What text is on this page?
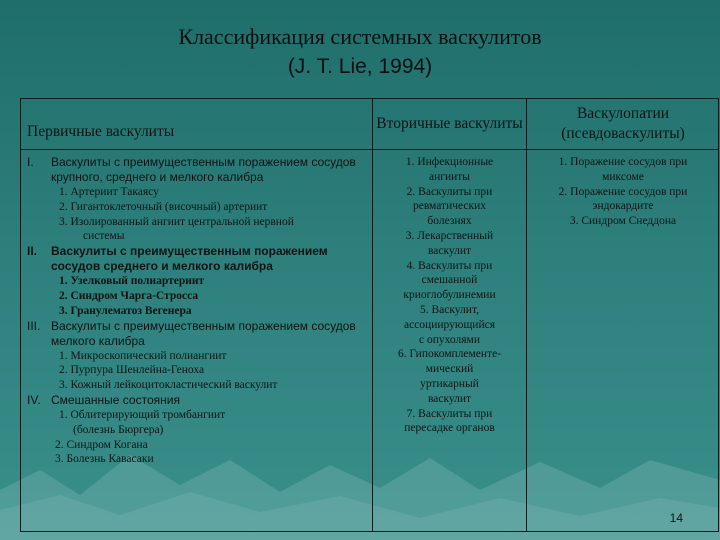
Классификация системных васкулитов
(J. T. Lie, 1994)
Первичные васкулиты
I. Васкулиты с преимущественным поражением сосудов крупного, среднего и мелкого калибра
1. Артериит Такаясу
2. Гигантоклеточный (височный) артериит
3. Изолированный ангиит центральной нервной
системы
II. Васкулиты с преимущественным поражением сосудов среднего и мелкого калибра
1. Узелковый полиартериит
2. Синдром Чарга-Стросса
3. Гранулематоз Вегенера
III. Васкулиты с преимущественным поражением сосудов мелкого калибра
1. Микроскопический полиангиит
2. Пурпура Шенлейна-Геноха
3. Кожный лейкоцитокластический васкулит
IV. Смешанные состояния
1. Облитерирующий тромбангиит
(болезнь Бюргера)
2. Синдром Когана
3. Болезнь Кавасаки
Вторичные васкулиты
1. Инфекционные
ангииты
2. Васкулиты при
ревматических
болезнях
3. Лекарственный
васкулит
4. Васкулиты при
смешанной
криоглобулинемии
5. Васкулит,
ассоциирующийся
с опухолями
6. Гипокомплементе-
мический
уртикарный
васкулит
7. Васкулиты при
пересадке органов
Васкулопатии (псевдоваскулиты)
1. Поражение сосудов при
миксоме
2. Поражение сосудов при
эндокардите
3. Синдром Снеддона
14
